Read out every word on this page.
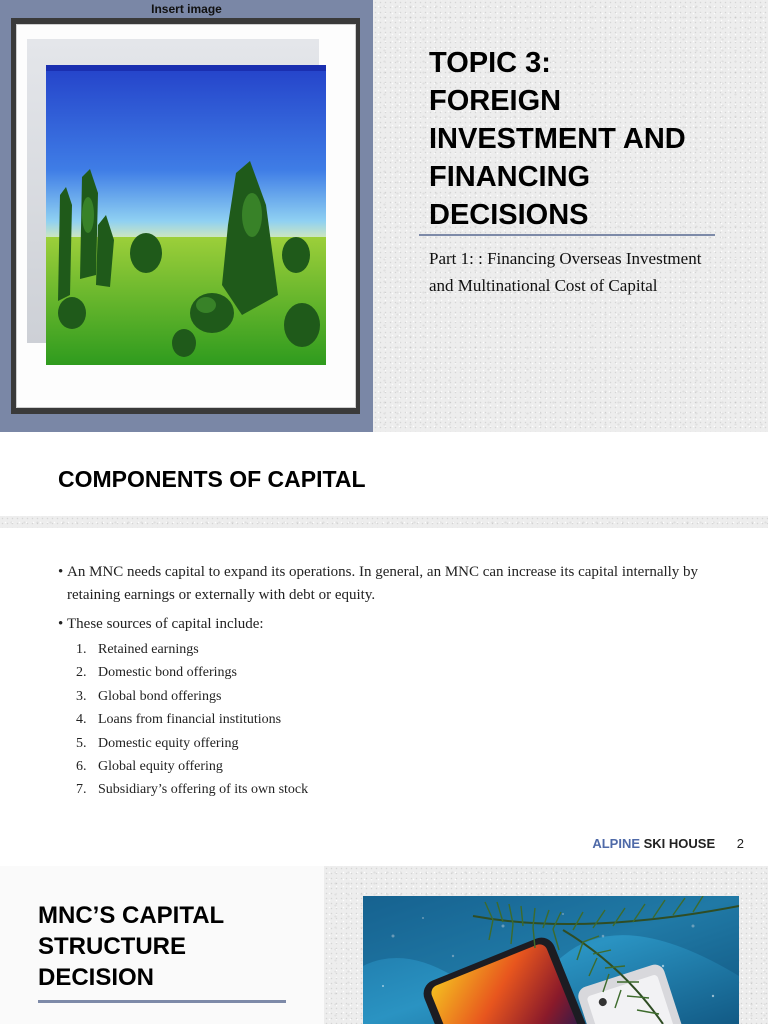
Insert image
TOPIC 3:
FOREIGN
INVESTMENT AND
FINANCING
DECISIONS

Part 1: : Financing Overseas Investment and Multinational Cost of Capital

COMPONENTS OF CAPITAL
• An MNC needs capital to expand its operations. In general, an MNC can increase its capital internally by retaining earnings or externally with debt or equity.
• These sources of capital include:
1. Retained earnings
2. Domestic bond offerings
3. Global bond offerings
4. Loans from financial institutions
5. Domestic equity offering
6. Global equity offering
7. Subsidiary’s offering of its own stock
ALPINE SKI HOUSE 2
MNC’S CAPITAL
STRUCTURE
DECISION
